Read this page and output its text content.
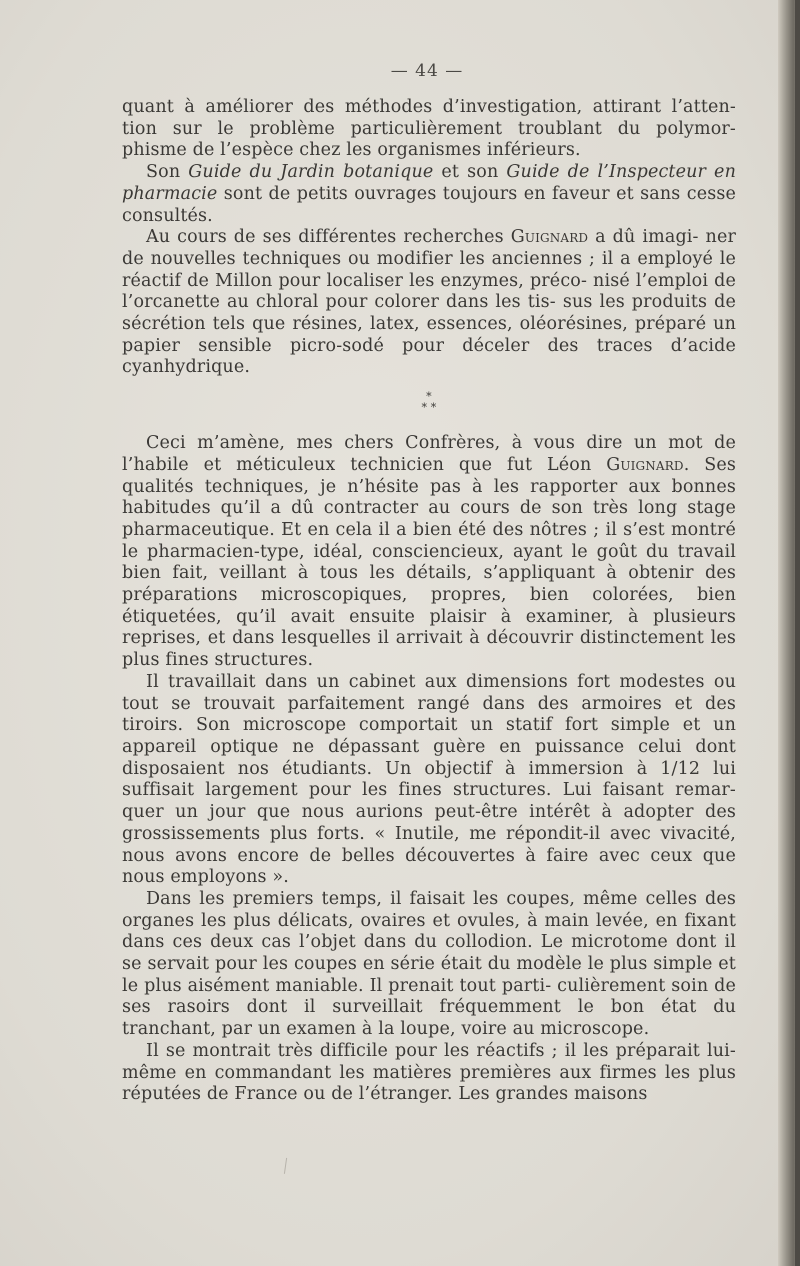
— 44 —

quant à améliorer des méthodes d’investigation, attirant l’atten- tion sur le problème particulièrement troublant du polymor- phisme de l’espèce chez les organismes inférieurs.

Son Guide du Jardin botanique et son Guide de l’Inspecteur en pharmacie sont de petits ouvrages toujours en faveur et sans cesse consultés.

Au cours de ses différentes recherches Guignard a dû imagi- ner de nouvelles techniques ou modifier les anciennes ; il a employé le réactif de Millon pour localiser les enzymes, préco- nisé l’emploi de l’orcanette au chloral pour colorer dans les tis- sus les produits de sécrétion tels que résines, latex, essences, oléorésines, préparé un papier sensible picro-sodé pour déceler des traces d’acide cyanhydrique.

*
* *

Ceci m’amène, mes chers Confrères, à vous dire un mot de l’habile et méticuleux technicien que fut Léon Guignard. Ses qualités techniques, je n’hésite pas à les rapporter aux bonnes habitudes qu’il a dû contracter au cours de son très long stage pharmaceutique. Et en cela il a bien été des nôtres ; il s’est montré le pharmacien-type, idéal, consciencieux, ayant le goût du travail bien fait, veillant à tous les détails, s’appliquant à obtenir des préparations microscopiques, propres, bien colorées, bien étiquetées, qu’il avait ensuite plaisir à examiner, à plusieurs reprises, et dans lesquelles il arrivait à découvrir distinctement les plus fines structures.

Il travaillait dans un cabinet aux dimensions fort modestes ou tout se trouvait parfaitement rangé dans des armoires et des tiroirs. Son microscope comportait un statif fort simple et un appareil optique ne dépassant guère en puissance celui dont disposaient nos étudiants. Un objectif à immersion à 1/12 lui suffisait largement pour les fines structures. Lui faisant remar- quer un jour que nous aurions peut-être intérêt à adopter des grossissements plus forts. « Inutile, me répondit-il avec vivacité, nous avons encore de belles découvertes à faire avec ceux que nous employons ».

Dans les premiers temps, il faisait les coupes, même celles des organes les plus délicats, ovaires et ovules, à main levée, en fixant dans ces deux cas l’objet dans du collodion. Le microtome dont il se servait pour les coupes en série était du modèle le plus simple et le plus aisément maniable. Il prenait tout parti- culièrement soin de ses rasoirs dont il surveillait fréquemment le bon état du tranchant, par un examen à la loupe, voire au microscope.

Il se montrait très difficile pour les réactifs ; il les préparait lui-même en commandant les matières premières aux firmes les plus réputées de France ou de l’étranger. Les grandes maisons
